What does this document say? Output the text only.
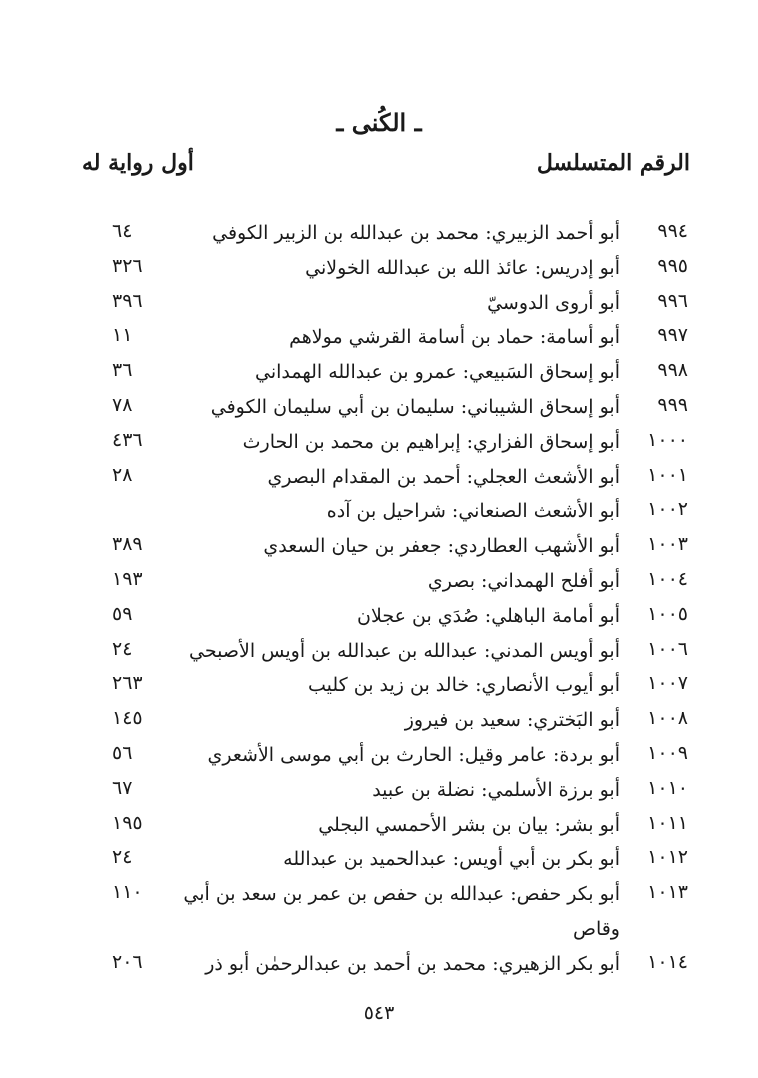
ـ الكُنى ـ
الرقم المتسلسل
أول رواية له
٩٩٤
أبو أحمد الزبيري: محمد بن عبدالله بن الزبير الكوفي
٦٤
٩٩٥
أبو إدريس: عائذ الله بن عبدالله الخولاني
٣٢٦
٩٩٦
أبو أروى الدوسيّ
٣٩٦
٩٩٧
أبو أسامة: حماد بن أسامة القرشي مولاهم
١١
٩٩٨
أبو إسحاق السَبيعي: عمرو بن عبدالله الهمداني
٣٦
٩٩٩
أبو إسحاق الشيباني: سليمان بن أبي سليمان الكوفي
٧٨
١٠٠٠
أبو إسحاق الفزاري: إبراهيم بن محمد بن الحارث
٤٣٦
١٠٠١
أبو الأشعث العجلي: أحمد بن المقدام البصري
٢٨
١٠٠٢
أبو الأشعث الصنعاني: شراحيل بن آده
١٠٠٣
أبو الأشهب العطاردي: جعفر بن حيان السعدي
٣٨٩
١٠٠٤
أبو أفلح الهمداني: بصري
١٩٣
١٠٠٥
أبو أمامة الباهلي: صُدَي بن عجلان
٥٩
١٠٠٦
أبو أويس المدني: عبدالله بن عبدالله بن أويس الأصبحي
٢٤
١٠٠٧
أبو أيوب الأنصاري: خالد بن زيد بن كليب
٢٦٣
١٠٠٨
أبو البَختري: سعيد بن فيروز
١٤٥
١٠٠٩
أبو بردة: عامر وقيل: الحارث بن أبي موسى الأشعري
٥٦
١٠١٠
أبو برزة الأسلمي: نضلة بن عبيد
٦٧
١٠١١
أبو بشر: بيان بن بشر الأحمسي البجلي
١٩٥
١٠١٢
أبو بكر بن أبي أويس: عبدالحميد بن عبدالله
٢٤
١٠١٣
أبو بكر حفص: عبدالله بن حفص بن عمر بن سعد بن أبي وقاص
١١٠
١٠١٤
أبو بكر الزهيري: محمد بن أحمد بن عبدالرحمٰن أبو ذر
٢٠٦
٥٤٣
